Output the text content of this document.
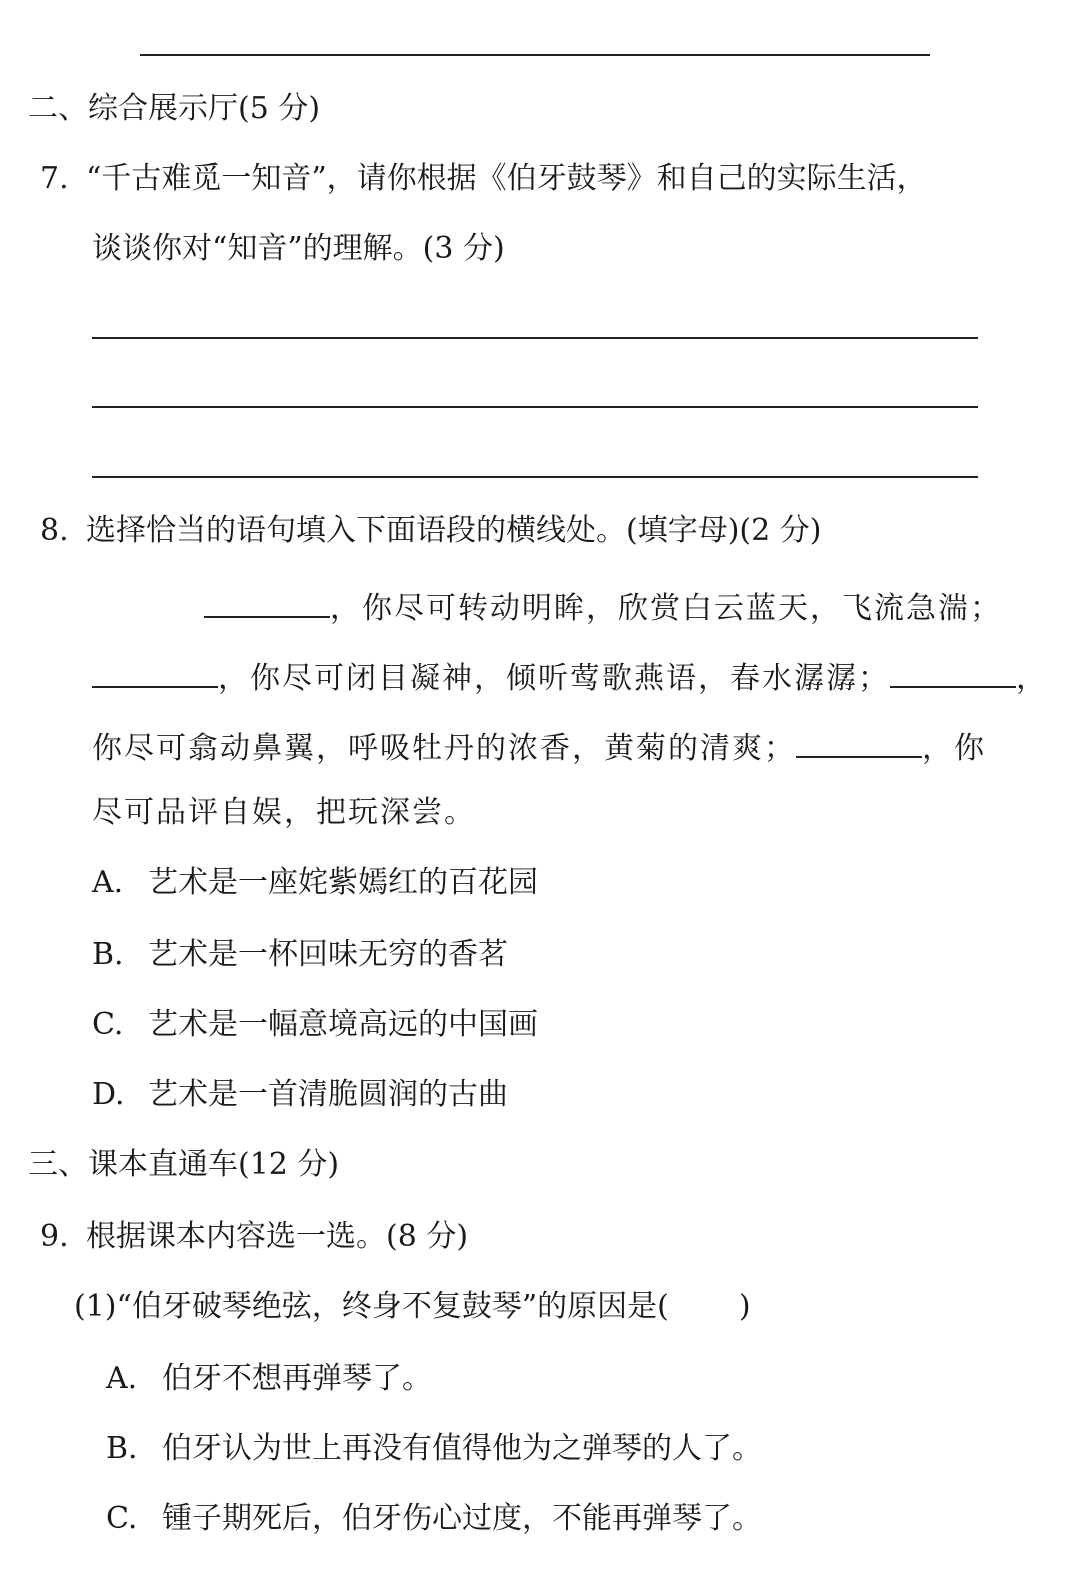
二、综合展示厅(5 分)
7. “千古难觅一知音”，请你根据《伯牙鼓琴》和自己的实际生活，
谈谈你对“知音”的理解。(3 分)
8. 选择恰当的语句填入下面语段的横线处。(填字母)(2 分)
，你尽可转动明眸，欣赏白云蓝天，飞流急湍；
，你尽可闭目凝神，倾听莺歌燕语，春水潺潺；	，
你尽可翕动鼻翼，呼吸牡丹的浓香，黄菊的清爽；	，你
尽可品评自娱，把玩深尝。
A. 艺术是一座姹紫嫣红的百花园
B. 艺术是一杯回味无穷的香茗
C. 艺术是一幅意境高远的中国画
D. 艺术是一首清脆圆润的古曲
三、课本直通车(12 分)
9. 根据课本内容选一选。(8 分)
(1)“伯牙破琴绝弦，终身不复鼓琴”的原因是( )
A. 伯牙不想再弹琴了。
B. 伯牙认为世上再没有值得他为之弹琴的人了。
C. 锺子期死后，伯牙伤心过度，不能再弹琴了。
